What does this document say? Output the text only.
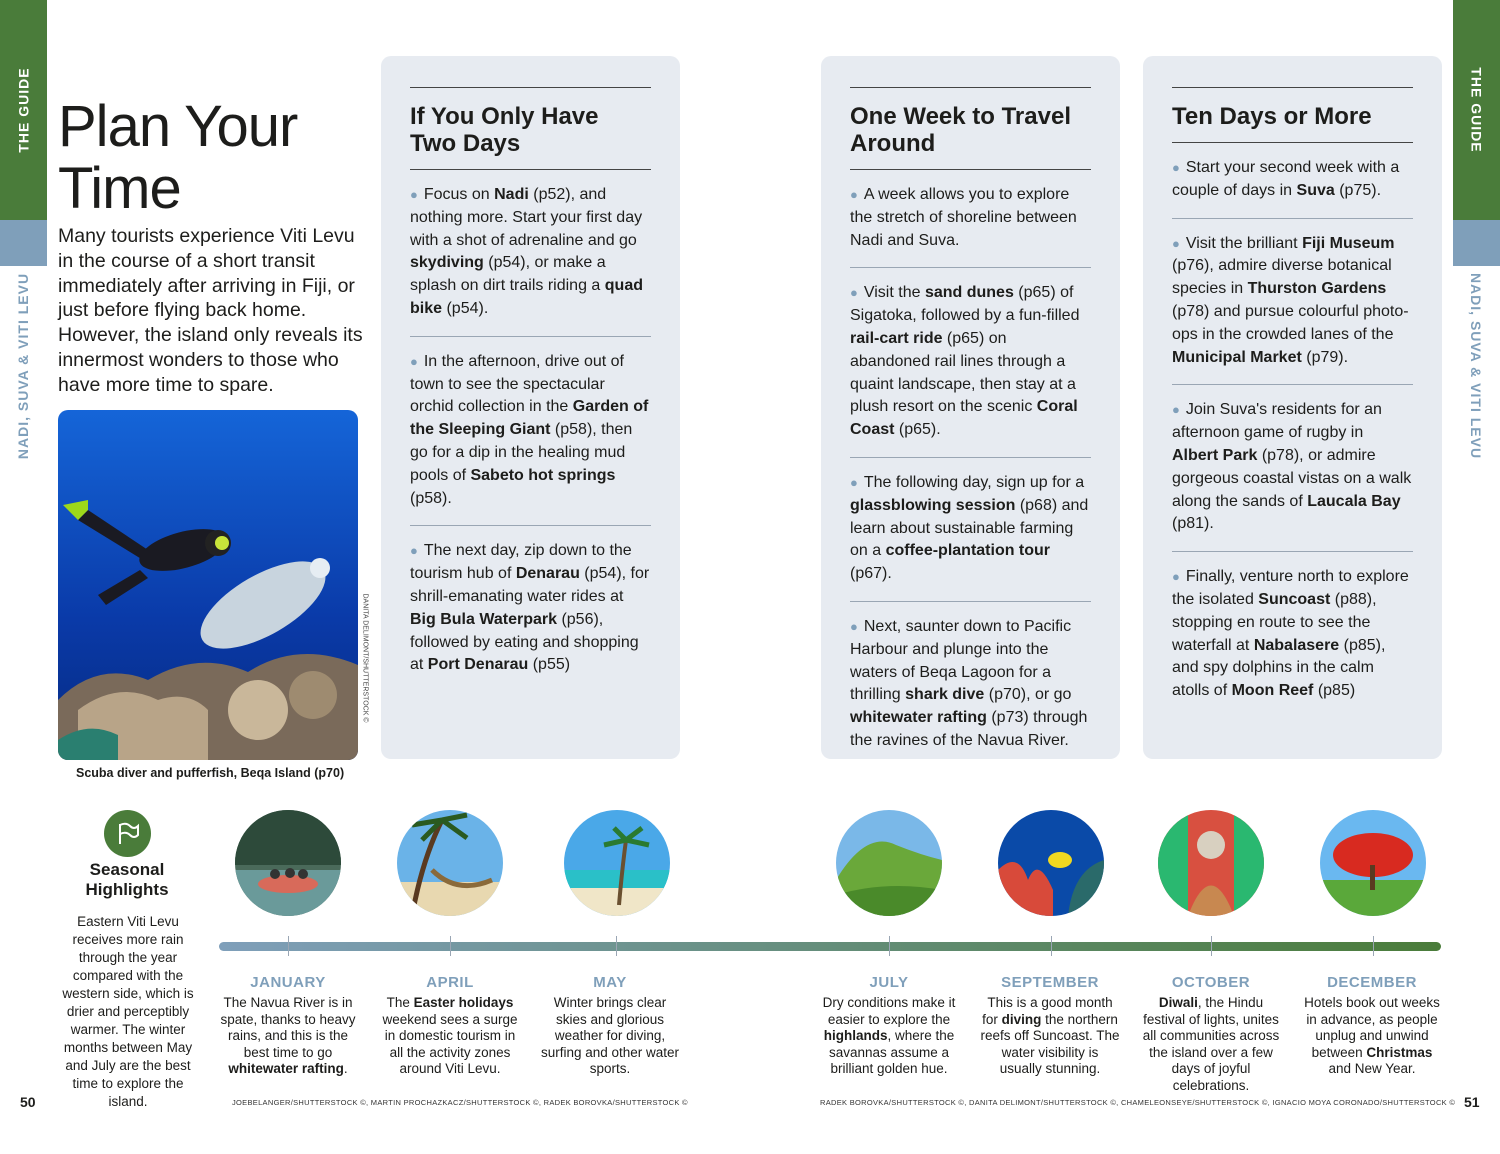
THE GUIDE
NADI, SUVA & VITI LEVU
THE GUIDE
NADI, SUVA & VITI LEVU
50	51
Plan Your Time

Many tourists experience Viti Levu in the course of a short transit immediately after arriving in Fiji, or just before flying back home. However, the island only reveals its innermost wonders to those who have more time to spare.

DANITA DELIMONT/SHUTTERSTOCK ©
Scuba diver and pufferfish, Beqa Island (p70)
If You Only Have Two Days
● Focus on Nadi (p52), and nothing more. Start your first day with a shot of adrenaline and go skydiving (p54), or make a splash on dirt trails riding a quad bike (p54).
● In the afternoon, drive out of town to see the spectacular orchid collection in the Garden of the Sleeping Giant (p58), then go for a dip in the healing mud pools of Sabeto hot springs (p58).
● The next day, zip down to the tourism hub of Denarau (p54), for shrill-emanating water rides at Big Bula Waterpark (p56), followed by eating and shopping at Port Denarau (p55)
One Week to Travel Around
● A week allows you to explore the stretch of shoreline between Nadi and Suva.
● Visit the sand dunes (p65) of Sigatoka, followed by a fun-filled rail-cart ride (p65) on abandoned rail lines through a quaint landscape, then stay at a plush resort on the scenic Coral Coast (p65).
● The following day, sign up for a glassblowing session (p68) and learn about sustainable farming on a coffee-plantation tour (p67).
● Next, saunter down to Pacific Harbour and plunge into the waters of Beqa Lagoon for a thrilling shark dive (p70), or go whitewater rafting (p73) through the ravines of the Navua River.
Ten Days or More
● Start your second week with a couple of days in Suva (p75).
● Visit the brilliant Fiji Museum (p76), admire diverse botanical species in Thurston Gardens (p78) and pursue colourful photo-ops in the crowded lanes of the Municipal Market (p79).
● Join Suva's residents for an afternoon game of rugby in Albert Park (p78), or admire gorgeous coastal vistas on a walk along the sands of Laucala Bay (p81).
● Finally, venture north to explore the isolated Suncoast (p88), stopping en route to see the waterfall at Nabalasere (p85), and spy dolphins in the calm atolls of Moon Reef (p85)
Seasonal Highlights
Eastern Viti Levu receives more rain through the year compared with the western side, which is drier and perceptibly warmer. The winter months between May and July are the best time to explore the island.
JANUARY
The Navua River is in spate, thanks to heavy rains, and this is the best time to go whitewater rafting.
APRIL
The Easter holidays weekend sees a surge in domestic tourism in all the activity zones around Viti Levu.
MAY
Winter brings clear skies and glorious weather for diving, surfing and other water sports.
JULY
Dry conditions make it easier to explore the highlands, where the savannas assume a brilliant golden hue.
SEPTEMBER
This is a good month for diving the northern reefs off Suncoast. The water visibility is usually stunning.
OCTOBER
Diwali, the Hindu festival of lights, unites all communities across the island over a few days of joyful celebrations.
DECEMBER
Hotels book out weeks in advance, as people unplug and unwind between Christmas and New Year.
JOEBELANGER/SHUTTERSTOCK ©, MARTIN PROCHAZKACZ/SHUTTERSTOCK ©, RADEK BOROVKA/SHUTTERSTOCK ©	RADEK BOROVKA/SHUTTERSTOCK ©, DANITA DELIMONT/SHUTTERSTOCK ©, CHAMELEONSEYE/SHUTTERSTOCK ©, IGNACIO MOYA CORONADO/SHUTTERSTOCK ©
